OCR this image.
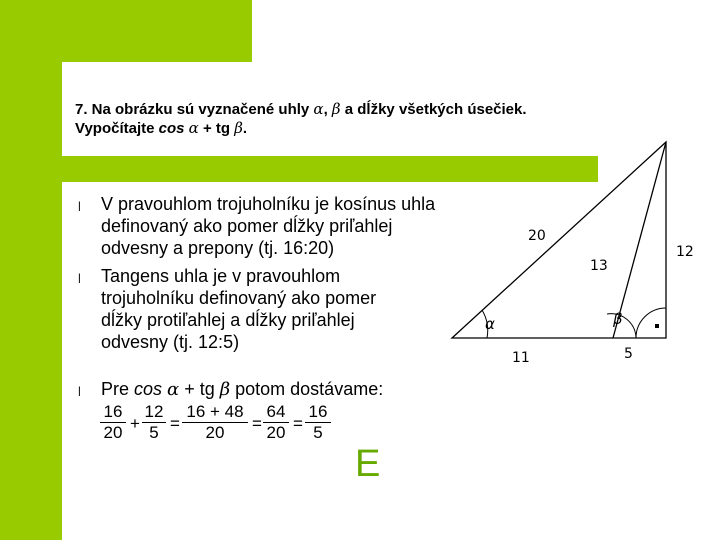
7. Na obrázku sú vyznačené uhly α, β a dĺžky všetkých úsečiek.
Vypočítajte cos α + tg β.
l	V pravouhlom trojuholníku je kosínus uhla
definovaný ako pomer dĺžky priľahlej
odvesny a prepony (tj. 16:20)
l	Tangens uhla je v pravouhlom
trojuholníku definovaný ako pomer
dĺžky protiľahlej a dĺžky priľahlej
odvesny (tj. 12:5)
l	Pre cos α + tg β potom dostávame:
$\frac{16}{20} + \frac{12}{5} = \frac{16 + 48}{20} = \frac{64}{20} = \frac{16}{5}$
E
20
13
12
11	5
α	β
